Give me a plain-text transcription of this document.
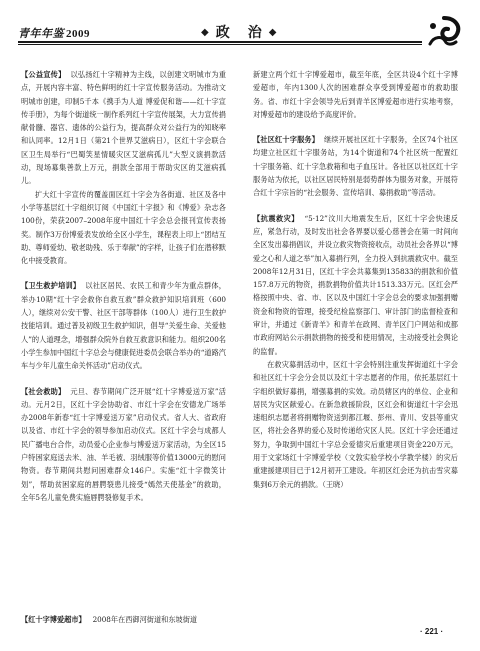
青年年鉴 2009	◆ 政　治 ◆
【公益宣传】 以弘扬红十字精神为主线，以创建文明城市为重点，开展内容丰富、特色鲜明的红十字宣传服务活动。为推动文明城市创建，印制5千本《携手为人道 博爱促和谐——红十字宣传手册》，为每个街道统一制作系列红十字宣传展架，大力宣传捐献骨髓、器官、遗体的公益行为，提高群众对公益行为的知晓率和认同率。12月1日（第21个世界艾滋病日），区红十字会联合区卫生局举行“巴蜀笑星情暖灾区艾滋病孤儿”大型义演捐款活动，现场募集善款上万元，捐款全部用于帮助灾区的艾滋病孤儿。
扩大红十字宣传的覆盖面区红十字会为各街道、社区及各中小学等基层红十字组织订阅《中国红十字报》和《博爱》杂志各100份，荣获2007–2008年度中国红十字会总会报刊宣传表扬奖。制作3万份博爱表发放给全区小学生，课程表上印上“团结互助、尊师爱幼、敬老助残、乐于奉献”的字样，让孩子们在潜移默化中接受教育。
【卫生救护培训】 以社区居民、农民工和青少年为重点群体，举办10期“红十字会救你自救互救”群众救护知识培训班（600人），继续对公安干警、社区干部等群体（100人）进行卫生救护技能培训。通过普及初级卫生救护知识，倡导“关爱生命、关爱他人”的人道理念，增强群众院外自救互救意识和能力。组织200名小学生参加中国红十字总会与健康促进委员会联合举办的“道路汽车与少年儿童生命关怀活动”启动仪式。
【社会救助】 元旦、春节期间广泛开展“红十字博爱送万家”活动。元月2日，区红十字会协助省、市红十字会在安德龙广场举办2008年新春“红十字博爱送万家”启动仪式。省人大、省政府以及省、市红十字会的领导参加启动仪式。区红十字会与成都人民广播电台合作，动员爱心企业参与博爱送万家活动，为全区15户特困家庭送去米、油、羊毛被、羽绒服等价值13000元的慰问物资。春节期间共慰问困难群众146户。实施“红十字微笑计划”，帮助贫困家庭的唇腭裂患儿接受“嫣然天使基金”的救助，全年5名儿童免费实施唇腭裂修复手术。
新建立两个红十字博爱超市，截至年底，全区共设4个红十字博爱超市，年内1300人次的困难群众享受到博爱超市的救助服务。省、市红十字会领导先后到青羊区博爱超市进行实地考察，对博爱超市的建设给予高度评价。
【社区红十字服务】 继续开展社区红十字服务，全区74个社区均建立社区红十字服务站，为14个街道和74个社区统一配置红十字服务箱、红十字急救箱和电子血压计。各社区以社区红十字服务站为依托，以社区居民特别是弱势群体为服务对象，开展符合红十字宗旨的“社会服务、宣传培训、募捐救助”等活动。
【抗震救灾】 “5·12”汶川大地震发生后，区红十字会快速反应，紧急行动，及时发出社会各界要以爱心慈善会在第一时间向全区发出募捐倡议，并设立救灾物资接收点，动员社会各界以“博爱之心和人道之举”加入募捐行列，全力投入到抗震救灾中。截至2008年12月31日，区红十字会共募集到135833的捐款和价值157.8万元的物资，捐款捐物价值共计1513.33万元。区红会严格按照中央、省、市、区以及中国红十字会总会的要求加强捐赠资金和物资的管理，接受纪检监察部门、审计部门的监督检查和审计，并通过《新青羊》和青羊在政网、青羊区门户网站和成都市政府网站公示捐款捐物的接受和使用情况，主动接受社会舆论的监督。
在救灾募捐活动中，区红十字会特别注重发挥街道红十字会和社区红十字会分会员以及红十字志愿者的作用，依托基层红十字组织做好募捐，增强募捐的实效。动员辖区内的单位、企业和居民为灾区献爱心。在新急救援阶段，区红会和街道红十字会迅速组织志愿者将捐赠物资送到都江堰、彭州、青川、安县等重灾区，将社会各界的爱心及时传递给灾区人民。区红十字会还通过努力，争取到中国红十字总会爱德灾后重建项目资金220万元，用于文家场红十字博爱学校（文敦实验学校小学教学楼）的灾后重建援建项目已于12月初开工建设。年初区红会还为抗击雪灾募集到6万余元的捐款。（王晓）
【红十字博爱超市】 2008年在西御河街道和东坡街道
· 221 ·
